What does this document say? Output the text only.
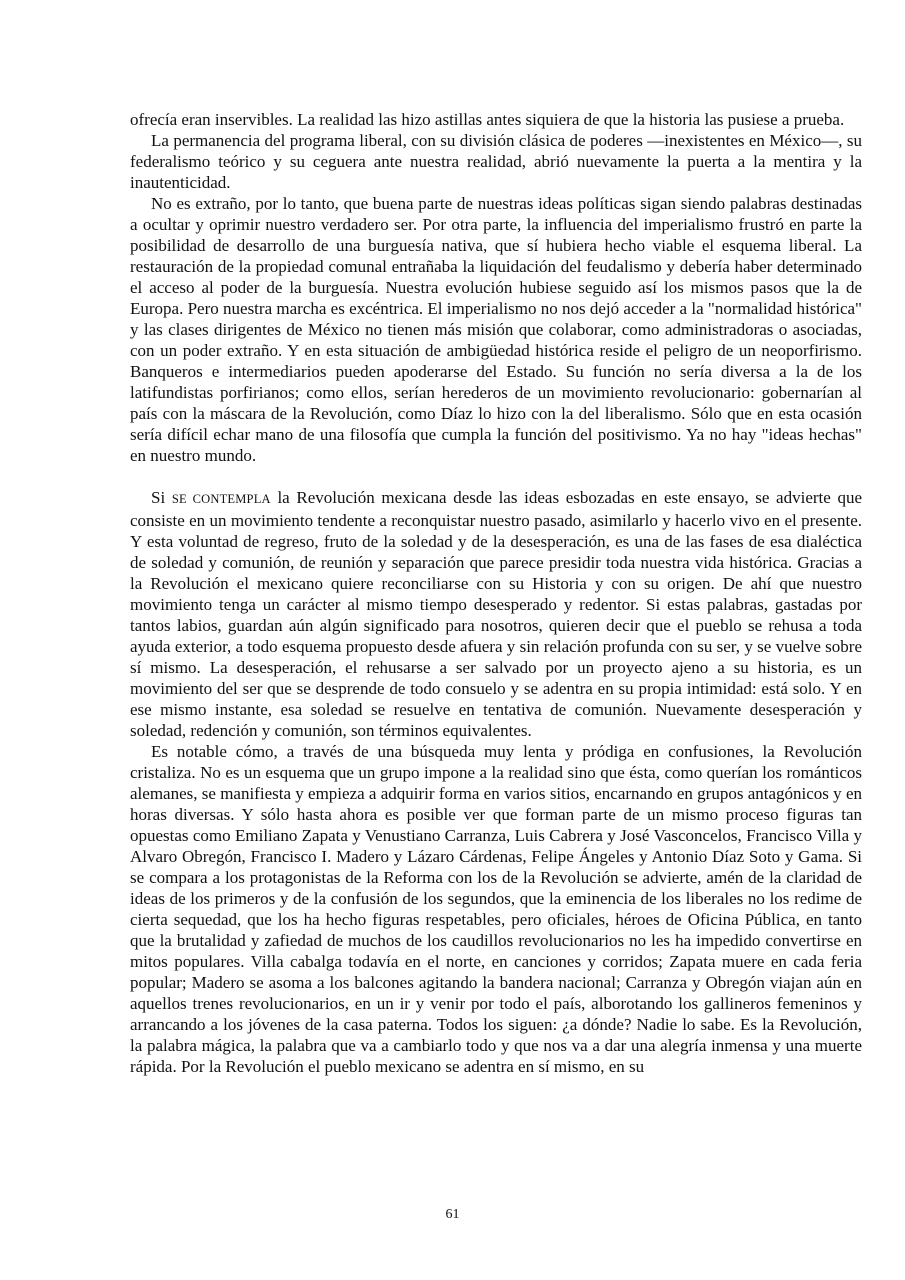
ofrecía eran inservibles. La realidad las hizo astillas antes siquiera de que la historia las pusiese a prueba.

La permanencia del programa liberal, con su división clásica de poderes —inexistentes en México—, su federalismo teórico y su ceguera ante nuestra realidad, abrió nuevamente la puerta a la mentira y la inautenticidad.

No es extraño, por lo tanto, que buena parte de nuestras ideas políticas sigan siendo palabras destinadas a ocultar y oprimir nuestro verdadero ser. Por otra parte, la influencia del imperialismo frustró en parte la posibilidad de desarrollo de una burguesía nativa, que sí hubiera hecho viable el esquema liberal. La restauración de la propiedad comunal entrañaba la liquidación del feudalismo y debería haber determinado el acceso al poder de la burguesía. Nuestra evolución hubiese seguido así los mismos pasos que la de Europa. Pero nuestra marcha es excéntrica. El imperialismo no nos dejó acceder a la "normalidad histórica" y las clases dirigentes de México no tienen más misión que colaborar, como administradoras o asociadas, con un poder extraño. Y en esta situación de ambigüedad histórica reside el peligro de un neoporfirismo. Banqueros e intermediarios pueden apoderarse del Estado. Su función no sería diversa a la de los latifundistas porfirianos; como ellos, serían herederos de un movimiento revolucionario: gobernarían al país con la máscara de la Revolución, como Díaz lo hizo con la del liberalismo. Sólo que en esta ocasión sería difícil echar mano de una filosofía que cumpla la función del positivismo. Ya no hay "ideas hechas" en nuestro mundo.

Si SE CONTEMPLA la Revolución mexicana desde las ideas esbozadas en este ensayo, se advierte que consiste en un movimiento tendente a reconquistar nuestro pasado, asimilarlo y hacerlo vivo en el presente. Y esta voluntad de regreso, fruto de la soledad y de la desesperación, es una de las fases de esa dialéctica de soledad y comunión, de reunión y separación que parece presidir toda nuestra vida histórica. Gracias a la Revolución el mexicano quiere reconciliarse con su Historia y con su origen. De ahí que nuestro movimiento tenga un carácter al mismo tiempo desesperado y redentor. Si estas palabras, gastadas por tantos labios, guardan aún algún significado para nosotros, quieren decir que el pueblo se rehusa a toda ayuda exterior, a todo esquema propuesto desde afuera y sin relación profunda con su ser, y se vuelve sobre sí mismo. La desesperación, el rehusarse a ser salvado por un proyecto ajeno a su historia, es un movimiento del ser que se desprende de todo consuelo y se adentra en su propia intimidad: está solo. Y en ese mismo instante, esa soledad se resuelve en tentativa de comunión. Nuevamente desesperación y soledad, redención y comunión, son términos equivalentes.

Es notable cómo, a través de una búsqueda muy lenta y pródiga en confusiones, la Revolución cristaliza. No es un esquema que un grupo impone a la realidad sino que ésta, como querían los románticos alemanes, se manifiesta y empieza a adquirir forma en varios sitios, encarnando en grupos antagónicos y en horas diversas. Y sólo hasta ahora es posible ver que forman parte de un mismo proceso figuras tan opuestas como Emiliano Zapata y Venustiano Carranza, Luis Cabrera y José Vasconcelos, Francisco Villa y Alvaro Obregón, Francisco I. Madero y Lázaro Cárdenas, Felipe Ángeles y Antonio Díaz Soto y Gama. Si se compara a los protagonistas de la Reforma con los de la Revolución se advierte, amén de la claridad de ideas de los primeros y de la confusión de los segundos, que la eminencia de los liberales no los redime de cierta sequedad, que los ha hecho figuras respetables, pero oficiales, héroes de Oficina Pública, en tanto que la brutalidad y zafiedad de muchos de los caudillos revolucionarios no les ha impedido convertirse en mitos populares. Villa cabalga todavía en el norte, en canciones y corridos; Zapata muere en cada feria popular; Madero se asoma a los balcones agitando la bandera nacional; Carranza y Obregón viajan aún en aquellos trenes revolucionarios, en un ir y venir por todo el país, alborotando los gallineros femeninos y arrancando a los jóvenes de la casa paterna. Todos los siguen: ¿a dónde? Nadie lo sabe. Es la Revolución, la palabra mágica, la palabra que va a cambiarlo todo y que nos va a dar una alegría inmensa y una muerte rápida. Por la Revolución el pueblo mexicano se adentra en sí mismo, en su

61
